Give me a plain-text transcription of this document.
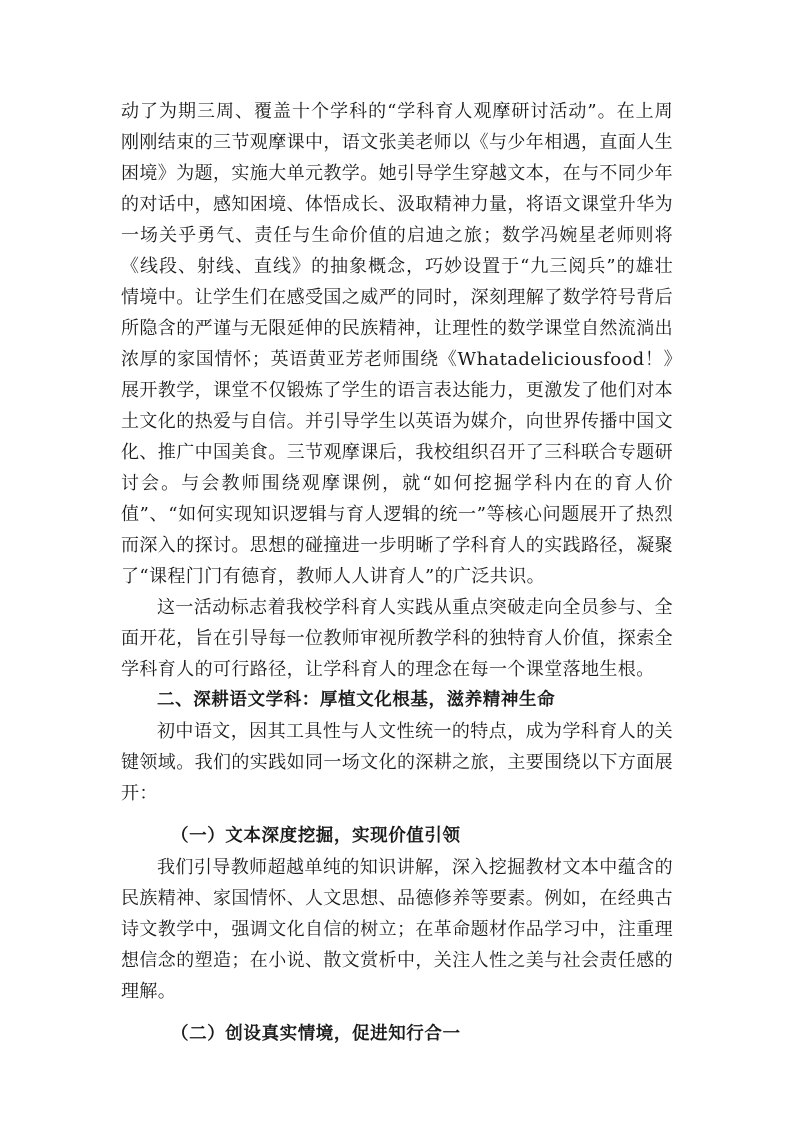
动了为期三周、覆盖十个学科的“学科育人观摩研讨活动”。在上周刚刚结束的三节观摩课中，语文张美老师以《与少年相遇，直面人生困境》为题，实施大单元教学。她引导学生穿越文本，在与不同少年的对话中，感知困境、体悟成长、汲取精神力量，将语文课堂升华为一场关乎勇气、责任与生命价值的启迪之旅；数学冯婉星老师则将《线段、射线、直线》的抽象概念，巧妙设置于“九三阅兵”的雄壮情境中。让学生们在感受国之威严的同时，深刻理解了数学符号背后所隐含的严谨与无限延伸的民族精神，让理性的数学课堂自然流淌出浓厚的家国情怀；英语黄亚芳老师围绕《Whatadeliciousfood！》展开教学，课堂不仅锻炼了学生的语言表达能力，更激发了他们对本土文化的热爱与自信。并引导学生以英语为媒介，向世界传播中国文化、推广中国美食。三节观摩课后，我校组织召开了三科联合专题研讨会。与会教师围绕观摩课例，就“如何挖掘学科内在的育人价值”、“如何实现知识逻辑与育人逻辑的统一”等核心问题展开了热烈而深入的探讨。思想的碰撞进一步明晰了学科育人的实践路径，凝聚了“课程门门有德育，教师人人讲育人”的广泛共识。

这一活动标志着我校学科育人实践从重点突破走向全员参与、全面开花，旨在引导每一位教师审视所教学科的独特育人价值，探索全学科育人的可行路径，让学科育人的理念在每一个课堂落地生根。

二、深耕语文学科：厚植文化根基，滋养精神生命

初中语文，因其工具性与人文性统一的特点，成为学科育人的关键领域。我们的实践如同一场文化的深耕之旅，主要围绕以下方面展开：

（一）文本深度挖掘，实现价值引领

我们引导教师超越单纯的知识讲解，深入挖掘教材文本中蕴含的民族精神、家国情怀、人文思想、品德修养等要素。例如，在经典古诗文教学中，强调文化自信的树立；在革命题材作品学习中，注重理想信念的塑造；在小说、散文赏析中，关注人性之美与社会责任感的理解。

（二）创设真实情境，促进知行合一
